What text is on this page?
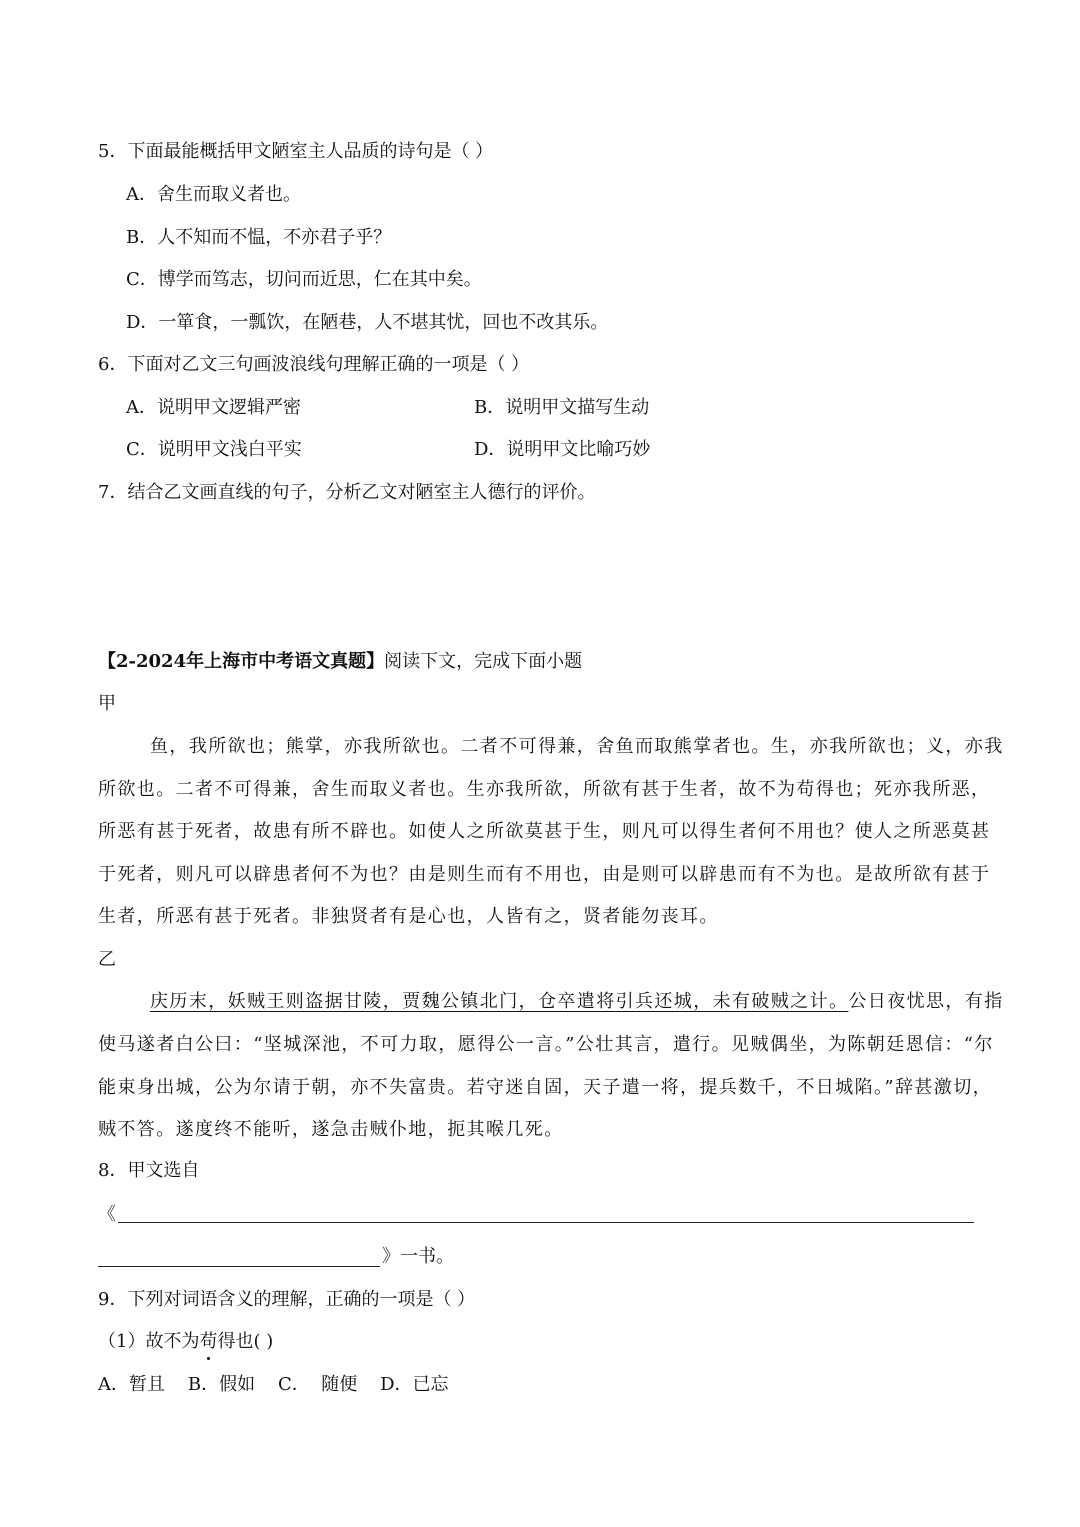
5．下面最能概括甲文陋室主人品质的诗句是（ ）
A．舍生而取义者也。
B．人不知而不愠，不亦君子乎？
C．博学而笃志，切问而近思，仁在其中矣。
D．一箪食，一瓢饮，在陋巷，人不堪其忧，回也不改其乐。
6．下面对乙文三句画波浪线句理解正确的一项是（ ）
A．说明甲文逻辑严密	B．说明甲文描写生动
C．说明甲文浅白平实	D．说明甲文比喻巧妙
7．结合乙文画直线的句子，分析乙文对陋室主人德行的评价。
【2-2024年上海市中考语文真题】阅读下文，完成下面小题
甲
鱼，我所欲也；熊掌，亦我所欲也。二者不可得兼，舍鱼而取熊掌者也。生，亦我所欲也；义，亦我
所欲也。二者不可得兼，舍生而取义者也。生亦我所欲，所欲有甚于生者，故不为苟得也；死亦我所恶，
所恶有甚于死者，故患有所不辟也。如使人之所欲莫甚于生，则凡可以得生者何不用也？使人之所恶莫甚
于死者，则凡可以辟患者何不为也？由是则生而有不用也，由是则可以辟患而有不为也。是故所欲有甚于
生者，所恶有甚于死者。非独贤者有是心也，人皆有之，贤者能勿丧耳。
乙
庆历末，妖贼王则盗据甘陵，贾魏公镇北门，仓卒遣将引兵还城，未有破贼之计。公日夜忧思，有指
使马遂者白公曰：“坚城深池，不可力取，愿得公一言。”公壮其言，遣行。见贼偶坐，为陈朝廷恩信：“尔
能束身出城，公为尔请于朝，亦不失富贵。若守迷自固，天子遣一将，提兵数千，不日城陷。”辞甚激切，
贼不答。遂度终不能听，遂急击贼仆地，扼其喉几死。
8．甲文选自
《
》一书。
9．下列对词语含义的理解，正确的一项是（ ）
（1）故不为苟得也( )
A．暂且    B．假如    C．  随便    D．已忘
